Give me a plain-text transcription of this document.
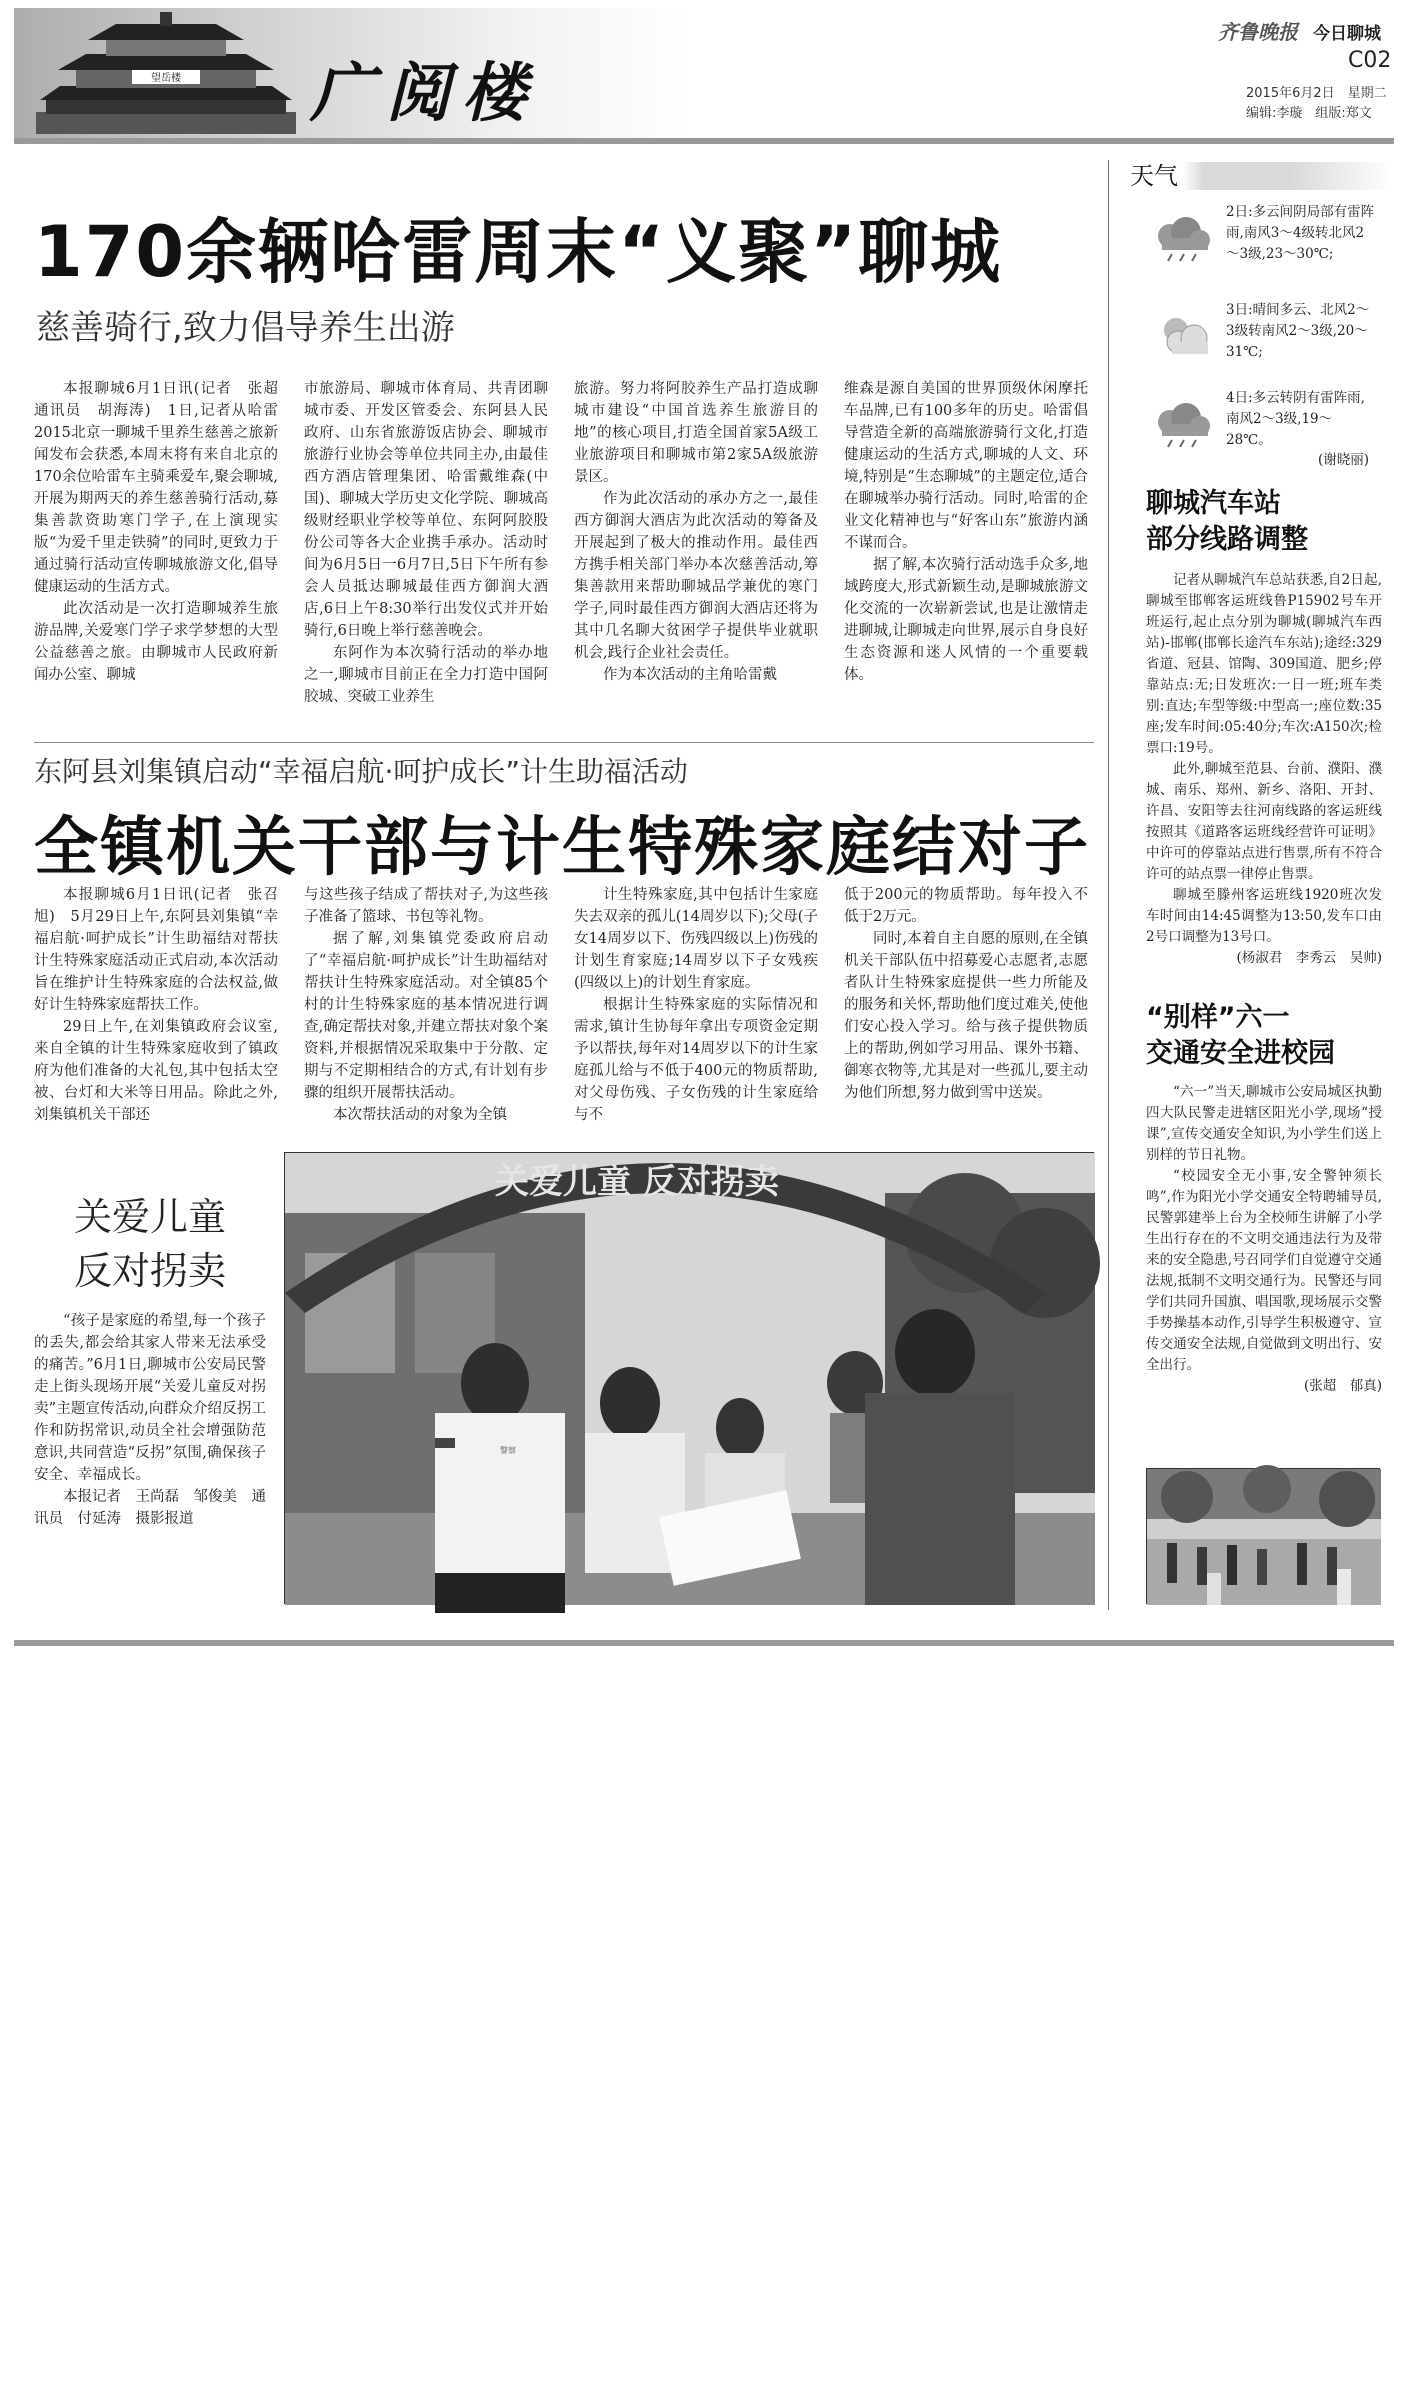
望岳楼 广阅楼
齐鲁晚报 今日聊城
C02
2015年6月2日　星期二
编辑:李璇　组版:郑文
170余辆哈雷周末“义聚”聊城
慈善骑行,致力倡导养生出游

本报聊城6月1日讯(记者　张超　通讯员　胡海涛)　1日,记者从哈雷2015北京一聊城千里养生慈善之旅新闻发布会获悉,本周末将有来自北京的170余位哈雷车主骑乘爱车,聚会聊城,开展为期两天的养生慈善骑行活动,募集善款资助寒门学子,在上演现实版“为爱千里走铁骑”的同时,更致力于通过骑行活动宣传聊城旅游文化,倡导健康运动的生活方式。

此次活动是一次打造聊城养生旅游品牌,关爱寒门学子求学梦想的大型公益慈善之旅。由聊城市人民政府新闻办公室、聊城

市旅游局、聊城市体育局、共青团聊城市委、开发区管委会、东阿县人民政府、山东省旅游饭店协会、聊城市旅游行业协会等单位共同主办,由最佳西方酒店管理集团、哈雷戴维森(中国)、聊城大学历史文化学院、聊城高级财经职业学校等单位、东阿阿胶股份公司等各大企业携手承办。活动时间为6月5日一6月7日,5日下午所有参会人员抵达聊城最佳西方御润大酒店,6日上午8:30举行出发仪式并开始骑行,6日晚上举行慈善晚会。

东阿作为本次骑行活动的举办地之一,聊城市目前正在全力打造中国阿胶城、突破工业养生

旅游。努力将阿胶养生产品打造成聊城市建设“中国首选养生旅游目的地”的核心项目,打造全国首家5A级工业旅游项目和聊城市第2家5A级旅游景区。

作为此次活动的承办方之一,最佳西方御润大酒店为此次活动的筹备及开展起到了极大的推动作用。最佳西方携手相关部门举办本次慈善活动,筹集善款用来帮助聊城品学兼优的寒门学子,同时最佳西方御润大酒店还将为其中几名聊大贫困学子提供毕业就职机会,践行企业社会责任。

作为本次活动的主角哈雷戴

维森是源自美国的世界顶级休闲摩托车品牌,已有100多年的历史。哈雷倡导营造全新的高端旅游骑行文化,打造健康运动的生活方式,聊城的人文、环境,特别是“生态聊城”的主题定位,适合在聊城举办骑行活动。同时,哈雷的企业文化精神也与“好客山东”旅游内涵不谋而合。

据了解,本次骑行活动选手众多,地域跨度大,形式新颖生动,是聊城旅游文化交流的一次崭新尝试,也是让激情走进聊城,让聊城走向世界,展示自身良好生态资源和迷人风情的一个重要载体。

东阿县刘集镇启动“幸福启航·呵护成长”计生助福活动
全镇机关干部与计生特殊家庭结对子

本报聊城6月1日讯(记者　张召旭)　5月29日上午,东阿县刘集镇“幸福启航·呵护成长”计生助福结对帮扶计生特殊家庭活动正式启动,本次活动旨在维护计生特殊家庭的合法权益,做好计生特殊家庭帮扶工作。

29日上午,在刘集镇政府会议室,来自全镇的计生特殊家庭收到了镇政府为他们准备的大礼包,其中包括太空被、台灯和大米等日用品。除此之外,刘集镇机关干部还

与这些孩子结成了帮扶对子,为这些孩子准备了篮球、书包等礼物。

据了解,刘集镇党委政府启动了“幸福启航·呵护成长”计生助福结对帮扶计生特殊家庭活动。对全镇85个村的计生特殊家庭的基本情况进行调查,确定帮扶对象,并建立帮扶对象个案资料,并根据情况采取集中于分散、定期与不定期相结合的方式,有计划有步骤的组织开展帮扶活动。

本次帮扶活动的对象为全镇

计生特殊家庭,其中包括计生家庭失去双亲的孤儿(14周岁以下);父母(子女14周岁以下、伤残四级以上)伤残的计划生育家庭;14周岁以下子女残疾(四级以上)的计划生育家庭。

根据计生特殊家庭的实际情况和需求,镇计生协每年拿出专项资金定期予以帮扶,每年对14周岁以下的计生家庭孤儿给与不低于400元的物质帮助,对父母伤残、子女伤残的计生家庭给与不

低于200元的物质帮助。每年投入不低于2万元。

同时,本着自主自愿的原则,在全镇机关干部队伍中招募爱心志愿者,志愿者队计生特殊家庭提供一些力所能及的服务和关怀,帮助他们度过难关,使他们安心投入学习。给与孩子提供物质上的帮助,例如学习用品、课外书籍、御寒衣物等,尤其是对一些孤儿,要主动为他们所想,努力做到雪中送炭。

关爱儿童
反对拐卖

“孩子是家庭的希望,每一个孩子的丢失,都会给其家人带来无法承受的痛苦。”6月1日,聊城市公安局民警走上街头现场开展“关爱儿童反对拐卖”主题宣传活动,向群众介绍反拐工作和防拐常识,动员全社会增强防范意识,共同营造“反拐”氛围,确保孩子安全、幸福成长。

本报记者　王尚磊　邹俊美　通讯员　付延涛　摄影报道

关爱儿童 反对拐卖
警察
天气
2日:多云间阴局部有雷阵雨,南风3～4级转北风2～3级,23～30℃;
3日:晴间多云、北风2～3级转南风2～3级,20～31℃;
4日:多云转阴有雷阵雨,南风2～3级,19～28℃。
(谢晓丽)
聊城汽车站
部分线路调整

记者从聊城汽车总站获悉,自2日起,聊城至邯郸客运班线鲁P15902号车开班运行,起止点分别为聊城(聊城汽车西站)-邯郸(邯郸长途汽车东站);途经:329省道、冠县、馆陶、309国道、肥乡;停靠站点:无;日发班次:一日一班;班车类别:直达;车型等级:中型高一;座位数:35座;发车时间:05:40分;车次:A150次;检票口:19号。

此外,聊城至范县、台前、濮阳、濮城、南乐、郑州、新乡、洛阳、开封、许昌、安阳等去往河南线路的客运班线按照其《道路客运班线经营许可证明》中许可的停靠站点进行售票,所有不符合许可的站点票一律停止售票。

聊城至滕州客运班线1920班次发车时间由14:45调整为13:50,发车口由2号口调整为13号口。

(杨淑君　李秀云　吴帅)

“别样”六一
交通安全进校园

“六一”当天,聊城市公安局城区执勤四大队民警走进辖区阳光小学,现场“授课”,宣传交通安全知识,为小学生们送上别样的节日礼物。

“校园安全无小事,安全警钟须长鸣”,作为阳光小学交通安全特聘辅导员,民警郭建举上台为全校师生讲解了小学生出行存在的不文明交通违法行为及带来的安全隐患,号召同学们自觉遵守交通法规,抵制不文明交通行为。民警还与同学们共同升国旗、唱国歌,现场展示交警手势操基本动作,引导学生积极遵守、宣传交通安全法规,自觉做到文明出行、安全出行。

(张超　郁真)
